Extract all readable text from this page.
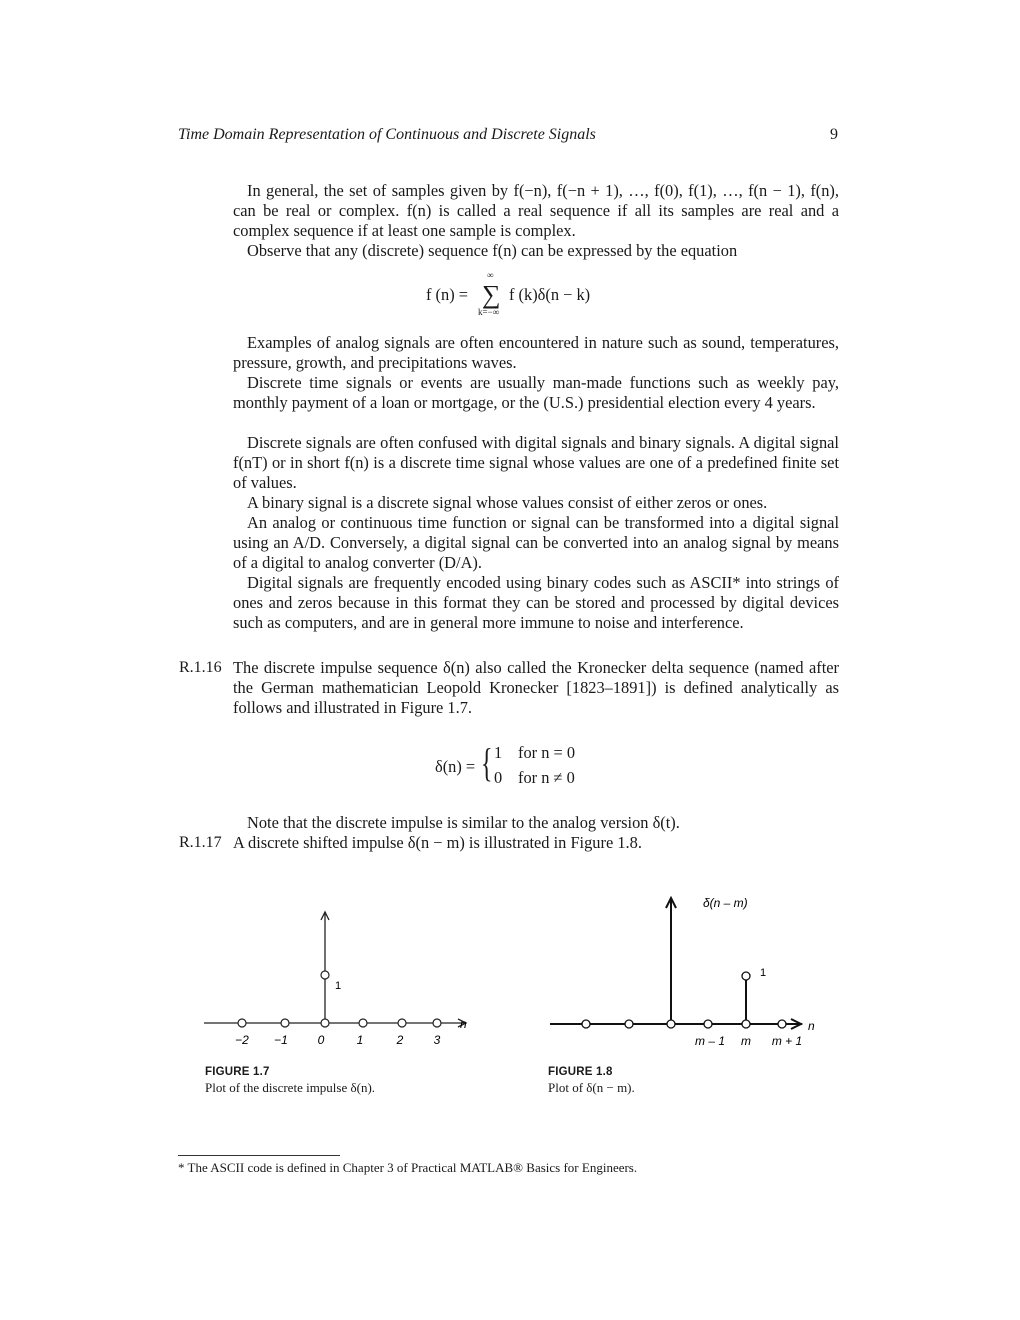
Time Domain Representation of Continuous and Discrete Signals	9
In general, the set of samples given by f(−n), f(−n + 1), …, f(0), f(1), …, f(n − 1), f(n), can be real or complex. f(n) is called a real sequence if all its samples are real and a complex sequence if at least one sample is complex.
Observe that any (discrete) sequence f(n) can be expressed by the equation
f (n) = ∑
∞
k=−∞
f (k)δ(n − k)
Examples of analog signals are often encountered in nature such as sound, temperatures, pressure, growth, and precipitations waves.
Discrete time signals or events are usually man-made functions such as weekly pay, monthly payment of a loan or mortgage, or the (U.S.) presidential election every 4 years.
Discrete signals are often confused with digital signals and binary signals. A digital signal f(nT) or in short f(n) is a discrete time signal whose values are one of a predefined finite set of values.
A binary signal is a discrete signal whose values consist of either zeros or ones.
An analog or continuous time function or signal can be transformed into a digital signal using an A/D. Conversely, a digital signal can be converted into an analog signal by means of a digital to analog converter (D/A).
Digital signals are frequently encoded using binary codes such as ASCII* into strings of ones and zeros because in this format they can be stored and processed by digital devices such as computers, and are in general more immune to noise and interference.
R.1.16 The discrete impulse sequence δ(n) also called the Kronecker delta sequence (named after the German mathematician Leopold Kronecker [1823–1891]) is defined analytically as follows and illustrated in Figure 1.7.
δ(n) = { 1 for n = 0
0 for n ≠ 0
Note that the discrete impulse is similar to the analog version δ(t).
R.1.17 A discrete shifted impulse δ(n − m) is illustrated in Figure 1.8.
1
n
−2 −1 0	1	2	3
FIGURE 1.7
Plot of the discrete impulse δ(n).
δ(n – m)
1
n
m – 1 m m + 1
FIGURE 1.8
Plot of δ(n − m).
* The ASCII code is defined in Chapter 3 of Practical MATLAB® Basics for Engineers.
